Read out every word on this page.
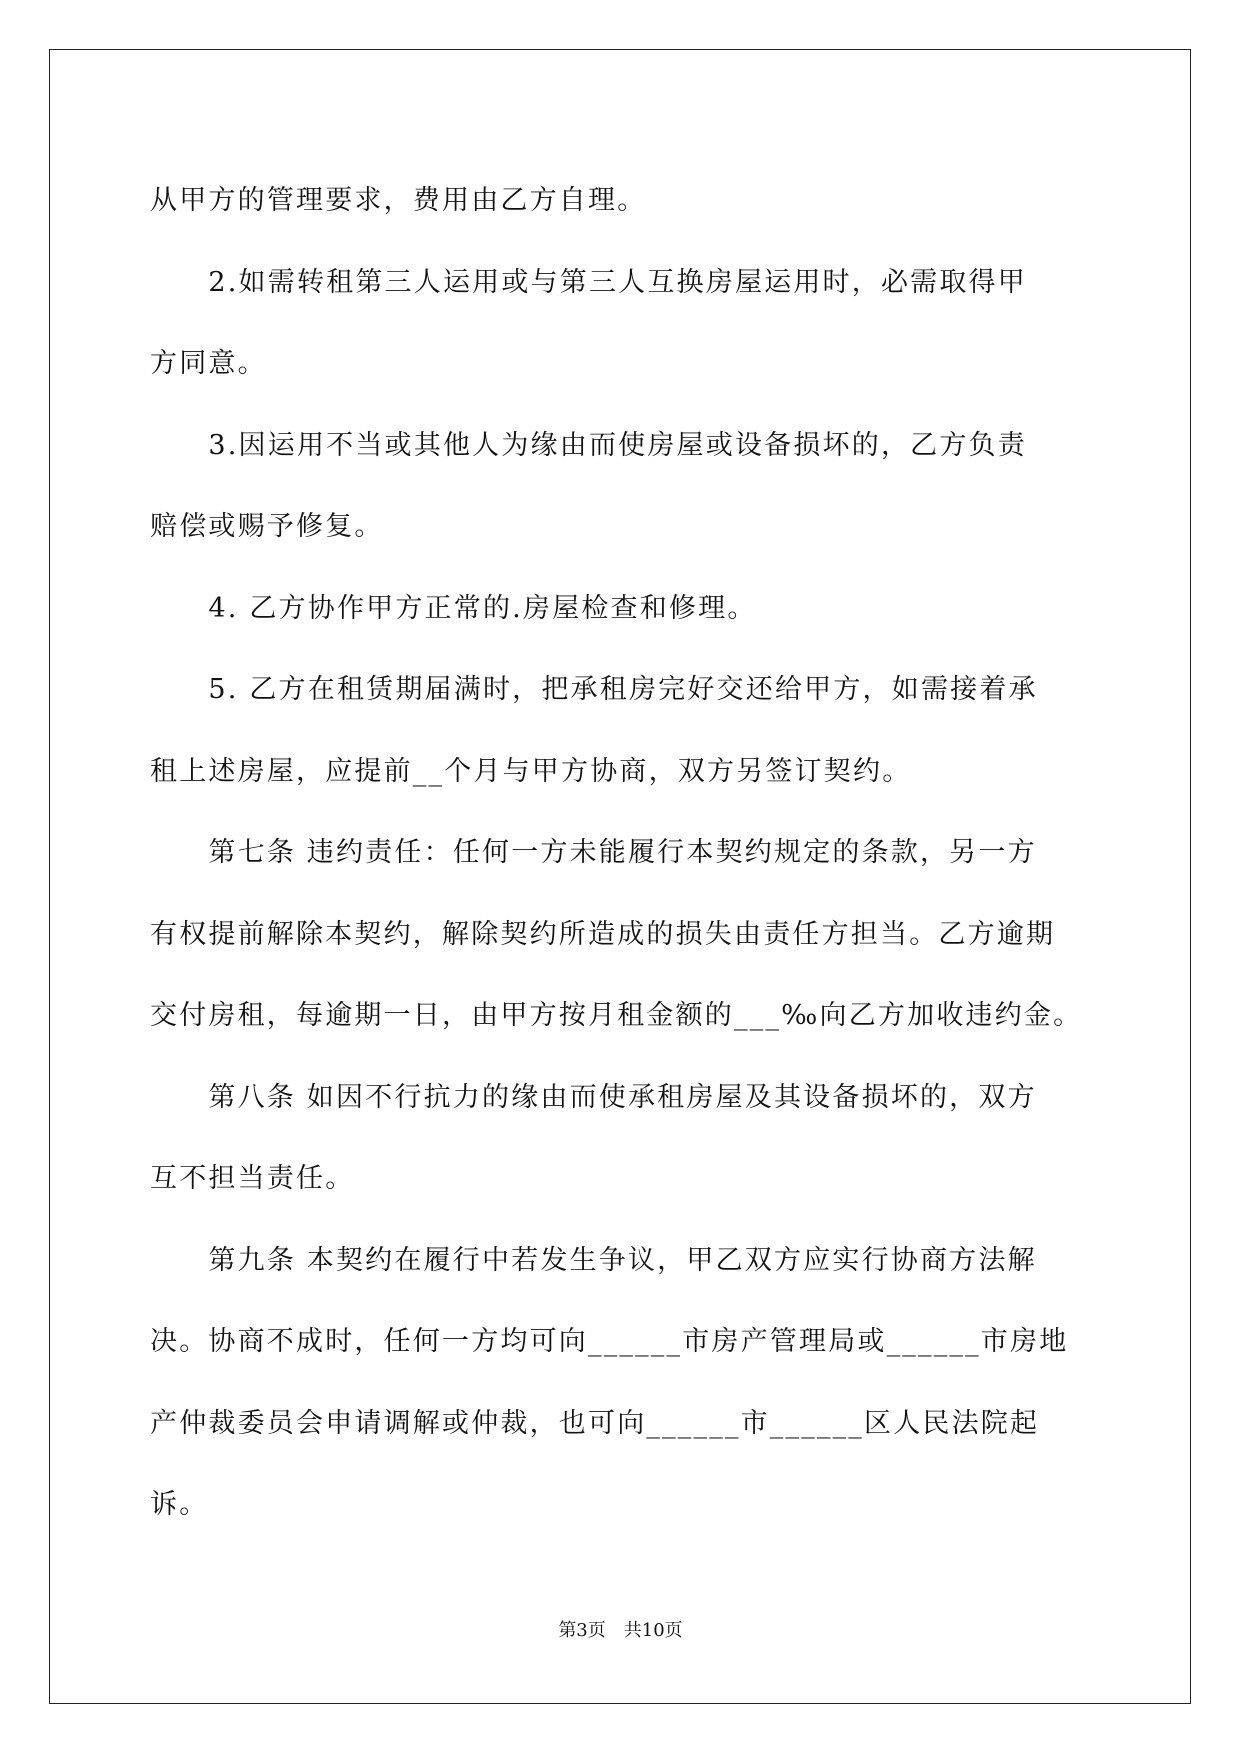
从甲方的管理要求，费用由乙方自理。
　　2.如需转租第三人运用或与第三人互换房屋运用时，必需取得甲
方同意。
　　3.因运用不当或其他人为缘由而使房屋或设备损坏的，乙方负责
赔偿或赐予修复。
　　4. 乙方协作甲方正常的.房屋检查和修理。
　　5. 乙方在租赁期届满时，把承租房完好交还给甲方，如需接着承
租上述房屋，应提前__个月与甲方协商，双方另签订契约。
　　第七条 违约责任：任何一方未能履行本契约规定的条款，另一方
有权提前解除本契约，解除契约所造成的损失由责任方担当。乙方逾期
交付房租，每逾期一日，由甲方按月租金额的___‰向乙方加收违约金。
　　第八条 如因不行抗力的缘由而使承租房屋及其设备损坏的，双方
互不担当责任。
　　第九条 本契约在履行中若发生争议，甲乙双方应实行协商方法解
决。协商不成时，任何一方均可向______市房产管理局或______市房地
产仲裁委员会申请调解或仲裁，也可向______市______区人民法院起
诉。
第3页　共10页
